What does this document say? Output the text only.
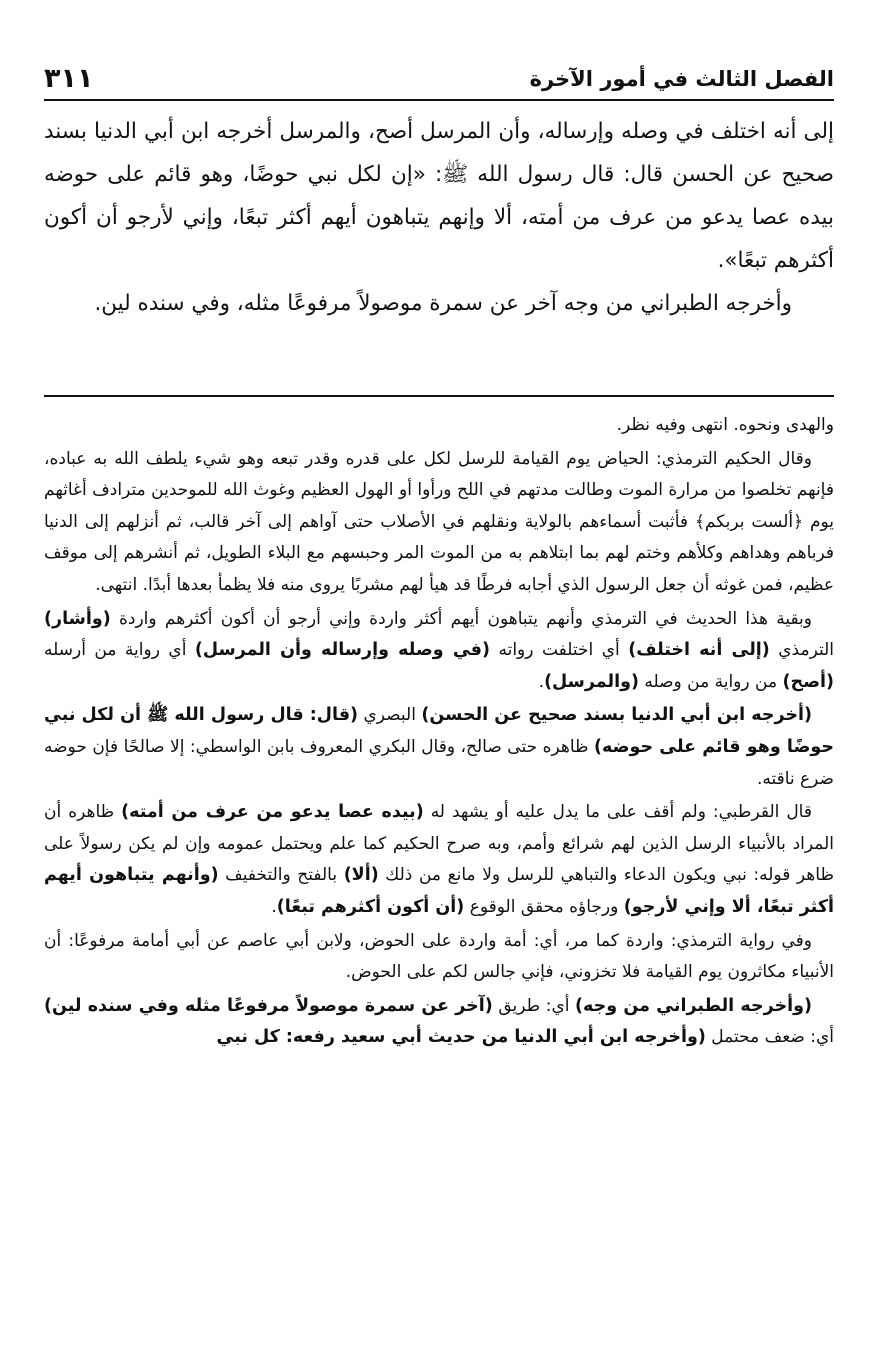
الفصل الثالث في أمور الآخرة
٣١١

إلى أنه اختلف في وصله وإرساله، وأن المرسل أصح، والمرسل أخرجه ابن أبي الدنيا بسند صحيح عن الحسن قال: قال رسول الله ﷺ: «إن لكل نبي حوضًا، وهو قائم على حوضه بيده عصا يدعو من عرف من أمته، ألا وإنهم يتباهون أيهم أكثر تبعًا، وإني لأرجو أن أكون أكثرهم تبعًا».

وأخرجه الطبراني من وجه آخر عن سمرة موصولاً مرفوعًا مثله، وفي سنده لين.

والهدى ونحوه. انتهى وفيه نظر.

وقال الحكيم الترمذي: الحياض يوم القيامة للرسل لكل على قدره وقدر تبعه وهو شيء يلطف الله به عباده، فإنهم تخلصوا من مرارة الموت وطالت مدتهم في اللح ورأوا أو الهول العظيم وغوث الله للموحدين مترادف أغاثهم يوم ﴿ألست بربكم﴾ فأثبت أسماءهم بالولاية ونقلهم في الأصلاب حتى آواهم إلى آخر قالب، ثم أنزلهم إلى الدنيا فرباهم وهداهم وكلأهم وختم لهم بما ابتلاهم به من الموت المر وحبسهم مع البلاء الطويل، ثم أنشرهم إلى موقف عظيم، فمن غوثه أن جعل الرسول الذي أجابه فرطًا قد هيأ لهم مشربًا يروى منه فلا يظمأ بعدها أبدًا. انتهى.

وبقية هذا الحديث في الترمذي وأنهم يتباهون أيهم أكثر واردة وإني أرجو أن أكون أكثرهم واردة (وأشار) الترمذي (إلى أنه اختلف) أي اختلفت رواته (في وصله وإرساله وأن المرسل) أي رواية من أرسله (أصح) من رواية من وصله (والمرسل).

(أخرجه ابن أبي الدنيا بسند صحيح عن الحسن) البصري (قال: قال رسول الله ﷺ أن لكل نبي حوضًا وهو قائم على حوضه) ظاهره حتى صالح، وقال البكري المعروف بابن الواسطي: إلا صالحًا فإن حوضه ضرع ناقته.

قال القرطبي: ولم أقف على ما يدل عليه أو يشهد له (بيده عصا يدعو من عرف من أمته) ظاهره أن المراد بالأنبياء الرسل الذين لهم شرائع وأمم، وبه صرح الحكيم كما علم ويحتمل عمومه وإن لم يكن رسولاً على ظاهر قوله: نبي ويكون الدعاء والتباهي للرسل ولا مانع من ذلك (ألا) بالفتح والتخفيف (وأنهم يتباهون أيهم أكثر تبعًا، ألا وإني لأرجو) ورجاؤه محقق الوقوع (أن أكون أكثرهم تبعًا).

وفي رواية الترمذي: واردة كما مر، أي: أمة واردة على الحوض، ولابن أبي عاصم عن أبي أمامة مرفوعًا: أن الأنبياء مكاثرون يوم القيامة فلا تخزوني، فإني جالس لكم على الحوض.

(وأخرجه الطبراني من وجه) أي: طريق (آخر عن سمرة موصولاً مرفوعًا مثله وفي سنده لين) أي: ضعف محتمل (وأخرجه ابن أبي الدنيا من حديث أبي سعيد رفعه: كل نبي
